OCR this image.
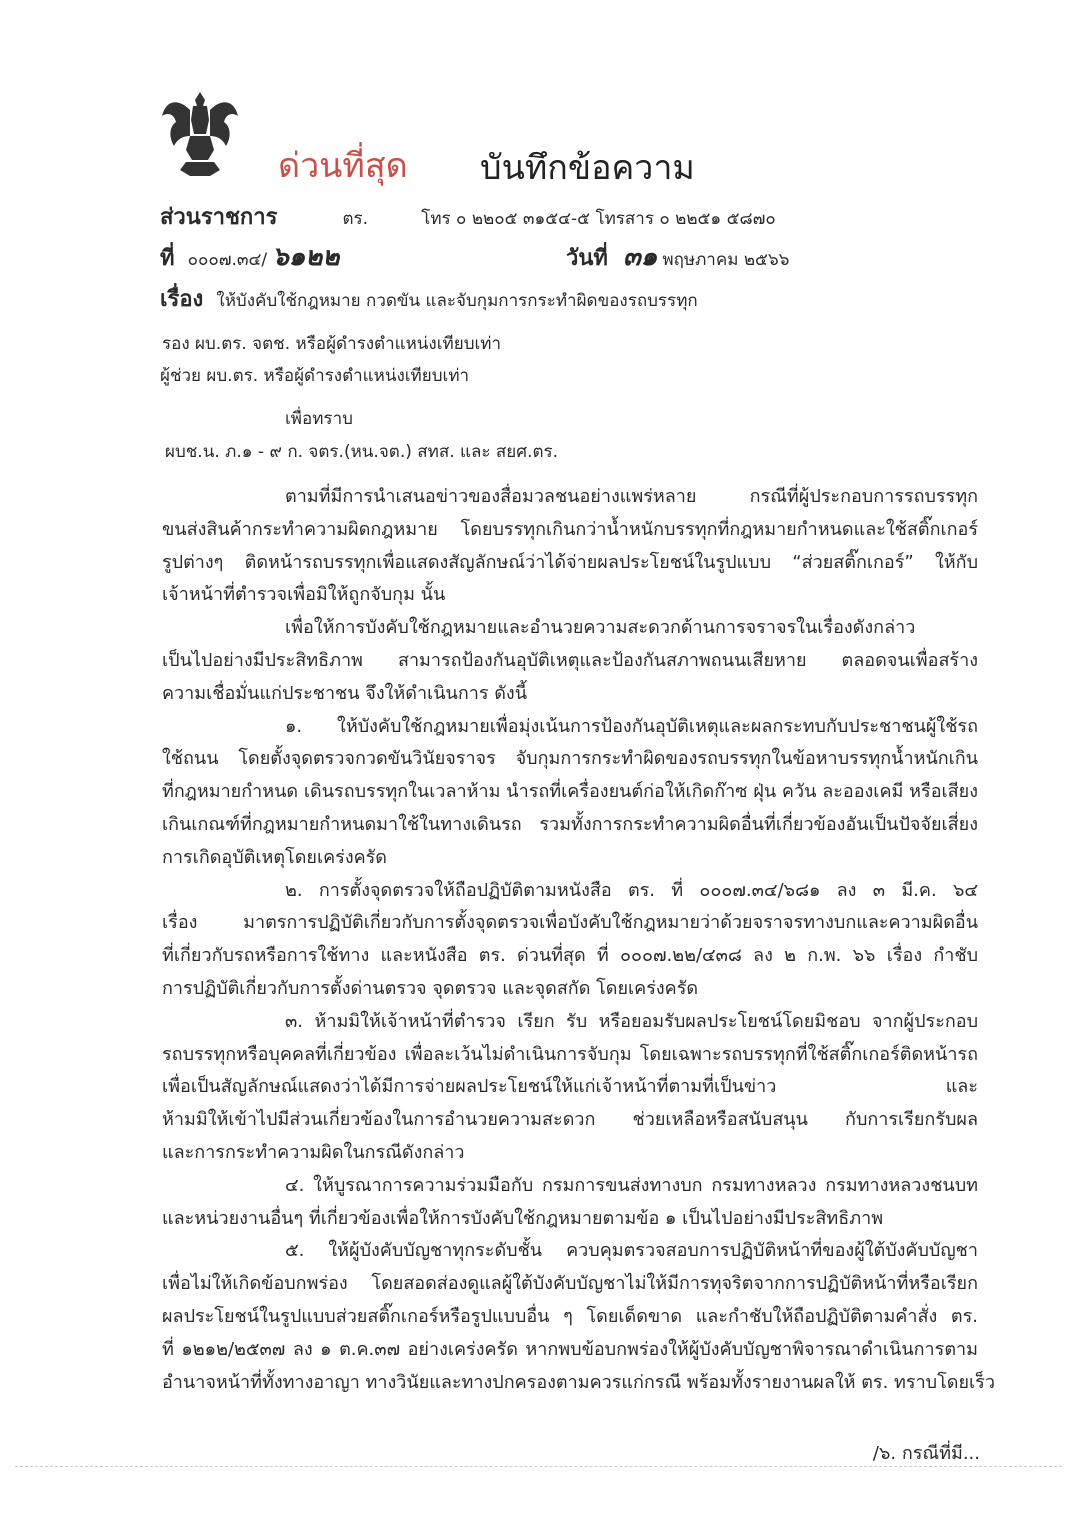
ด่วนที่สุด บันทึกข้อความ
ส่วนราชการ	ตร.	โทร ๐ ๒๒๐๕ ๓๑๕๔-๕ โทรสาร ๐ ๒๒๕๑ ๕๘๗๐
ที่ ๐๐๐๗.๓๔/ ๖๑๒๒	วันที่ ๓๑ พฤษภาคม ๒๕๖๖
เรื่อง ให้บังคับใช้กฎหมาย กวดขัน และจับกุมการกระทำผิดของรถบรรทุก
รอง ผบ.ตร. จตช. หรือผู้ดำรงตำแหน่งเทียบเท่า
ผู้ช่วย ผบ.ตร. หรือผู้ดำรงตำแหน่งเทียบเท่า
เพื่อทราบ
ผบช.น. ภ.๑ - ๙ ก. จตร.(หน.จต.) สทส. และ สยศ.ตร.
ตามที่มีการนำเสนอข่าวของสื่อมวลชนอย่างแพร่หลาย กรณีที่ผู้ประกอบการรถบรรทุก
ขนส่งสินค้ากระทำความผิดกฎหมาย โดยบรรทุกเกินกว่าน้ำหนักบรรทุกที่กฎหมายกำหนดและใช้สติ๊กเกอร์
รูปต่างๆ ติดหน้ารถบรรทุกเพื่อแสดงสัญลักษณ์ว่าได้จ่ายผลประโยชน์ในรูปแบบ “ส่วยสติ๊กเกอร์” ให้กับ
เจ้าหน้าที่ตำรวจเพื่อมิให้ถูกจับกุม นั้น
เพื่อให้การบังคับใช้กฎหมายและอำนวยความสะดวกด้านการจราจรในเรื่องดังกล่าว
เป็นไปอย่างมีประสิทธิภาพ สามารถป้องกันอุบัติเหตุและป้องกันสภาพถนนเสียหาย ตลอดจนเพื่อสร้าง
ความเชื่อมั่นแก่ประชาชน จึงให้ดำเนินการ ดังนี้
๑. ให้บังคับใช้กฎหมายเพื่อมุ่งเน้นการป้องกันอุบัติเหตุและผลกระทบกับประชาชนผู้ใช้รถ
ใช้ถนน โดยตั้งจุดตรวจกวดขันวินัยจราจร จับกุมการกระทำผิดของรถบรรทุกในข้อหาบรรทุกน้ำหนักเกิน
ที่กฎหมายกำหนด เดินรถบรรทุกในเวลาห้าม นำรถที่เครื่องยนต์ก่อให้เกิดก๊าซ ฝุ่น ควัน ละอองเคมี หรือเสียง
เกินเกณฑ์ที่กฎหมายกำหนดมาใช้ในทางเดินรถ รวมทั้งการกระทำความผิดอื่นที่เกี่ยวข้องอันเป็นปัจจัยเสี่ยง
การเกิดอุบัติเหตุโดยเคร่งครัด
๒. การตั้งจุดตรวจให้ถือปฏิบัติตามหนังสือ ตร. ที่ ๐๐๐๗.๓๔/๖๘๑ ลง ๓ มี.ค. ๖๔
เรื่อง มาตรการปฏิบัติเกี่ยวกับการตั้งจุดตรวจเพื่อบังคับใช้กฎหมายว่าด้วยจราจรทางบกและความผิดอื่น
ที่เกี่ยวกับรถหรือการใช้ทาง และหนังสือ ตร. ด่วนที่สุด ที่ ๐๐๐๗.๒๒/๔๓๘ ลง ๒ ก.พ. ๖๖ เรื่อง กำชับ
การปฏิบัติเกี่ยวกับการตั้งด่านตรวจ จุดตรวจ และจุดสกัด โดยเคร่งครัด
๓. ห้ามมิให้เจ้าหน้าที่ตำรวจ เรียก รับ หรือยอมรับผลประโยชน์โดยมิชอบ จากผู้ประกอบ
รถบรรทุกหรือบุคคลที่เกี่ยวข้อง เพื่อละเว้นไม่ดำเนินการจับกุม โดยเฉพาะรถบรรทุกที่ใช้สติ๊กเกอร์ติดหน้ารถ
เพื่อเป็นสัญลักษณ์แสดงว่าได้มีการจ่ายผลประโยชน์ให้แก่เจ้าหน้าที่ตามที่เป็นข่าว และ
ห้ามมิให้เข้าไปมีส่วนเกี่ยวข้องในการอำนวยความสะดวก ช่วยเหลือหรือสนับสนุน กับการเรียกรับผล
และการกระทำความผิดในกรณีดังกล่าว
๔. ให้บูรณาการความร่วมมือกับ กรมการขนส่งทางบก กรมทางหลวง กรมทางหลวงชนบท
และหน่วยงานอื่นๆ ที่เกี่ยวข้องเพื่อให้การบังคับใช้กฎหมายตามข้อ ๑ เป็นไปอย่างมีประสิทธิภาพ
๕. ให้ผู้บังคับบัญชาทุกระดับชั้น ควบคุมตรวจสอบการปฏิบัติหน้าที่ของผู้ใต้บังคับบัญชา
เพื่อไม่ให้เกิดข้อบกพร่อง โดยสอดส่องดูแลผู้ใต้บังคับบัญชาไม่ให้มีการทุจริตจากการปฏิบัติหน้าที่หรือเรียก
ผลประโยชน์ในรูปแบบส่วยสติ๊กเกอร์หรือรูปแบบอื่น ๆ โดยเด็ดขาด และกำชับให้ถือปฏิบัติตามคำสั่ง ตร.
ที่ ๑๒๑๒/๒๕๓๗ ลง ๑ ต.ค.๓๗ อย่างเคร่งครัด หากพบข้อบกพร่องให้ผู้บังคับบัญชาพิจารณาดำเนินการตาม
อำนาจหน้าที่ทั้งทางอาญา ทางวินัยและทางปกครองตามควรแก่กรณี พร้อมทั้งรายงานผลให้ ตร. ทราบโดยเร็ว
/๖. กรณีที่มี...
